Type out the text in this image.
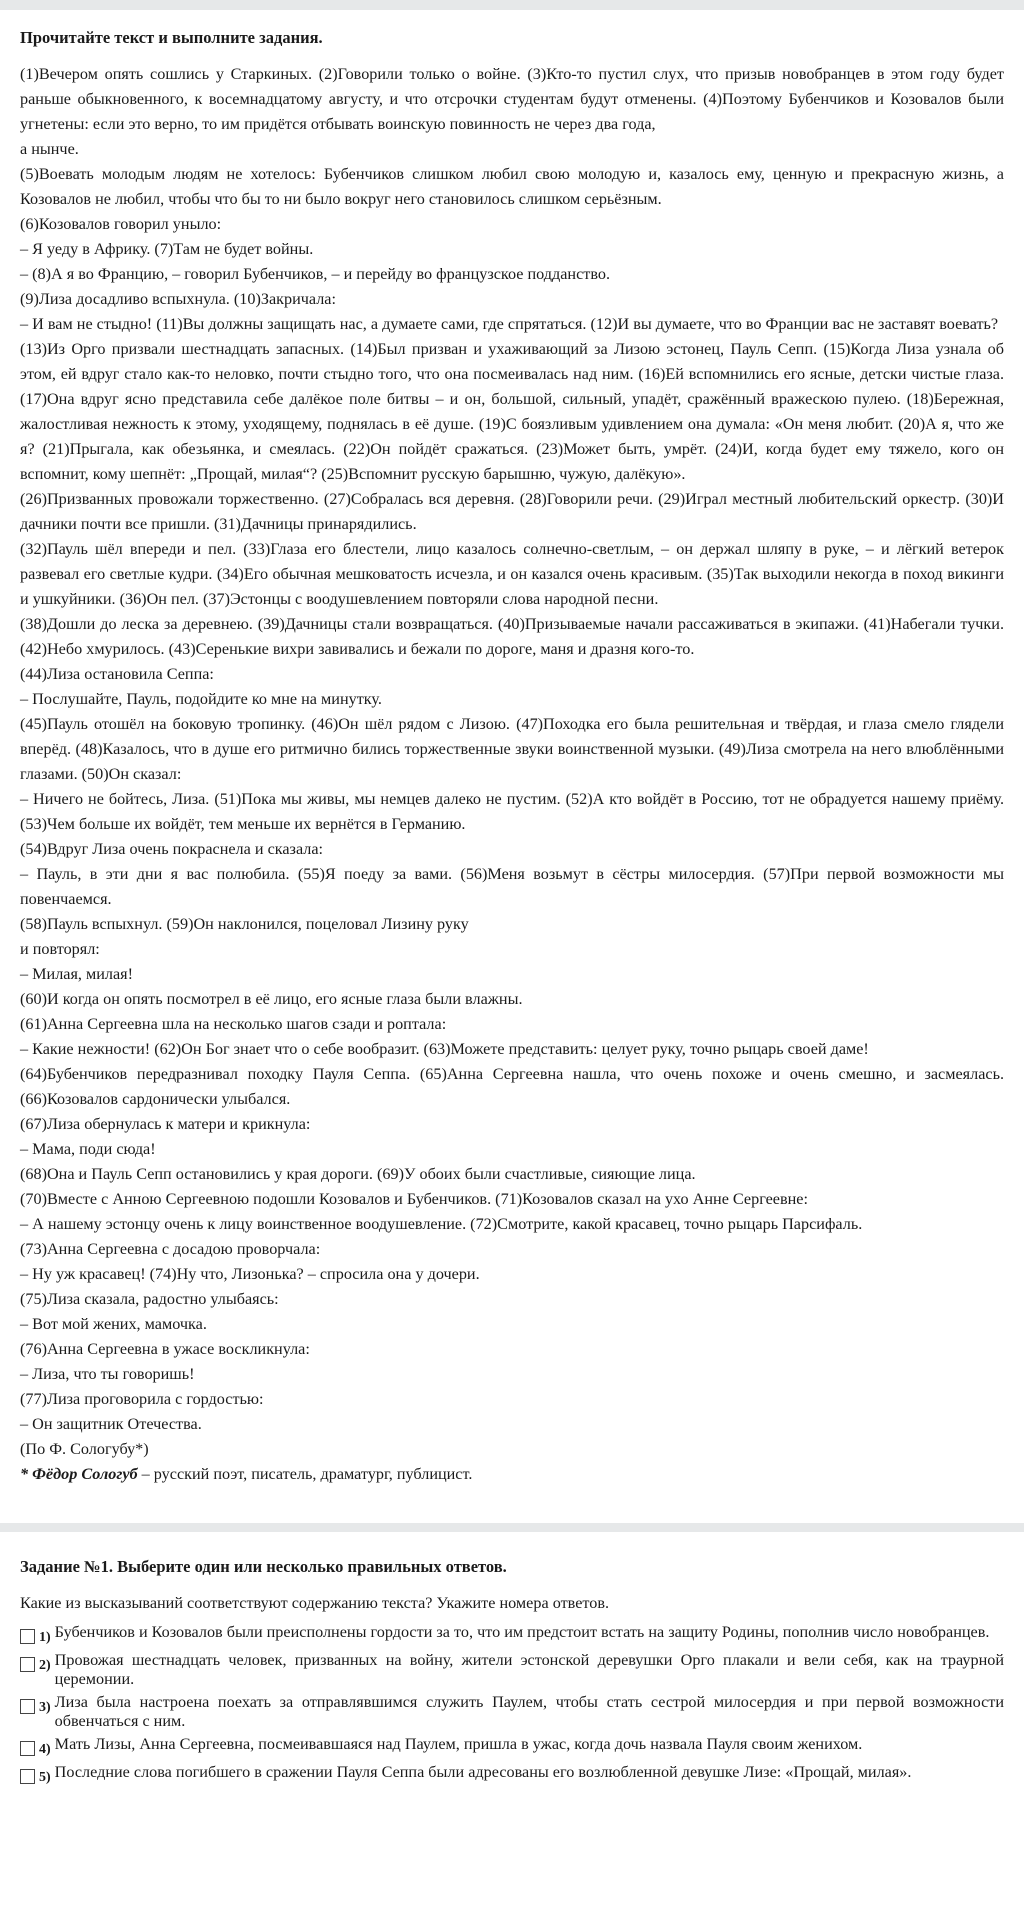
Прочитайте текст и выполните задания.

(1)Вечером опять сошлись у Старкиных. (2)Говорили только о войне. (3)Кто-то пустил слух, что призыв новобранцев в этом году будет раньше обыкновенного, к восемнадцатому августу, и что отсрочки студентам будут отменены. (4)Поэтому Бубенчиков и Козовалов были угнетены: если это верно, то им придётся отбывать воинскую повинность не через два года,

а нынче.

(5)Воевать молодым людям не хотелось: Бубенчиков слишком любил свою молодую и, казалось ему, ценную и прекрасную жизнь, а Козовалов не любил, чтобы что бы то ни было вокруг него становилось слишком серьёзным.

(6)Козовалов говорил уныло:

– Я уеду в Африку. (7)Там не будет войны.

– (8)А я во Францию, – говорил Бубенчиков, – и перейду во французское подданство.

(9)Лиза досадливо вспыхнула. (10)Закричала:

– И вам не стыдно! (11)Вы должны защищать нас, а думаете сами, где спрятаться. (12)И вы думаете, что во Франции вас не заставят воевать?

(13)Из Орго призвали шестнадцать запасных. (14)Был призван и ухаживающий за Лизою эстонец, Пауль Сепп. (15)Когда Лиза узнала об этом, ей вдруг стало как-то неловко, почти стыдно того, что она посмеивалась над ним. (16)Ей вспомнились его ясные, детски чистые глаза. (17)Она вдруг ясно представила себе далёкое поле битвы – и он, большой, сильный, упадёт, сражённый вражескою пулею. (18)Бережная, жалостливая нежность к этому, уходящему, поднялась в её душе. (19)С боязливым удивлением она думала: «Он меня любит. (20)А я, что же я? (21)Прыгала, как обезьянка, и смеялась. (22)Он пойдёт сражаться. (23)Может быть, умрёт. (24)И, когда будет ему тяжело, кого он вспомнит, кому шепнёт: „Прощай, милая“? (25)Вспомнит русскую барышню, чужую, далёкую».

(26)Призванных провожали торжественно. (27)Собралась вся деревня. (28)Говорили речи. (29)Играл местный любительский оркестр. (30)И дачники почти все пришли. (31)Дачницы принарядились.

(32)Пауль шёл впереди и пел. (33)Глаза его блестели, лицо казалось солнечно-светлым, – он держал шляпу в руке, – и лёгкий ветерок развевал его светлые кудри. (34)Его обычная мешковатость исчезла, и он казался очень красивым. (35)Так выходили некогда в поход викинги и ушкуйники. (36)Он пел. (37)Эстонцы с воодушевлением повторяли слова народной песни.

(38)Дошли до леска за деревнею. (39)Дачницы стали возвращаться. (40)Призываемые начали рассаживаться в экипажи. (41)Набегали тучки. (42)Небо хмурилось. (43)Серенькие вихри завивались и бежали по дороге, маня и дразня кого-то.

(44)Лиза остановила Сеппа:

– Послушайте, Пауль, подойдите ко мне на минутку.

(45)Пауль отошёл на боковую тропинку. (46)Он шёл рядом с Лизою. (47)Походка его была решительная и твёрдая, и глаза смело глядели вперёд. (48)Казалось, что в душе его ритмично бились торжественные звуки воинственной музыки. (49)Лиза смотрела на него влюблёнными глазами. (50)Он сказал:

– Ничего не бойтесь, Лиза. (51)Пока мы живы, мы немцев далеко не пустим. (52)А кто войдёт в Россию, тот не обрадуется нашему приёму. (53)Чем больше их войдёт, тем меньше их вернётся в Германию.

(54)Вдруг Лиза очень покраснела и сказала:

– Пауль, в эти дни я вас полюбила. (55)Я поеду за вами. (56)Меня возьмут в сёстры милосердия. (57)При первой возможности мы повенчаемся.

(58)Пауль вспыхнул. (59)Он наклонился, поцеловал Лизину руку

и повторял:

– Милая, милая!

(60)И когда он опять посмотрел в её лицо, его ясные глаза были влажны.

(61)Анна Сергеевна шла на несколько шагов сзади и роптала:

– Какие нежности! (62)Он Бог знает что о себе вообразит. (63)Можете представить: целует руку, точно рыцарь своей даме!

(64)Бубенчиков передразнивал походку Пауля Сеппа. (65)Анна Сергеевна нашла, что очень похоже и очень смешно, и засмеялась. (66)Козовалов сардонически улыбался.

(67)Лиза обернулась к матери и крикнула:

– Мама, поди сюда!

(68)Она и Пауль Сепп остановились у края дороги. (69)У обоих были счастливые, сияющие лица.

(70)Вместе с Анною Сергеевною подошли Козовалов и Бубенчиков. (71)Козовалов сказал на ухо Анне Сергеевне:

– А нашему эстонцу очень к лицу воинственное воодушевление. (72)Смотрите, какой красавец, точно рыцарь Парсифаль.

(73)Анна Сергеевна с досадою проворчала:

– Ну уж красавец! (74)Ну что, Лизонька? – спросила она у дочери.

(75)Лиза сказала, радостно улыбаясь:

– Вот мой жених, мамочка.

(76)Анна Сергеевна в ужасе воскликнула:

– Лиза, что ты говоришь!

(77)Лиза проговорила с гордостью:

– Он защитник Отечества.

(По Ф. Сологубу*)

* Фёдор Сологуб – русский поэт, писатель, драматург, публицист.

Задание №1. Выберите один или несколько правильных ответов.
Какие из высказываний соответствуют содержанию текста? Укажите номера ответов.
1) Бубенчиков и Козовалов были преисполнены гордости за то, что им предстоит встать на защиту Родины, пополнив число новобранцев.
2) Провожая шестнадцать человек, призванных на войну, жители эстонской деревушки Орго плакали и вели себя, как на траурной церемонии.
3) Лиза была настроена поехать за отправлявшимся служить Паулем, чтобы стать сестрой милосердия и при первой возможности обвенчаться с ним.
4) Мать Лизы, Анна Сергеевна, посмеивавшаяся над Паулем, пришла в ужас, когда дочь назвала Пауля своим женихом.
5) Последние слова погибшего в сражении Пауля Сеппа были адресованы его возлюбленной девушке Лизе: «Прощай, милая».
